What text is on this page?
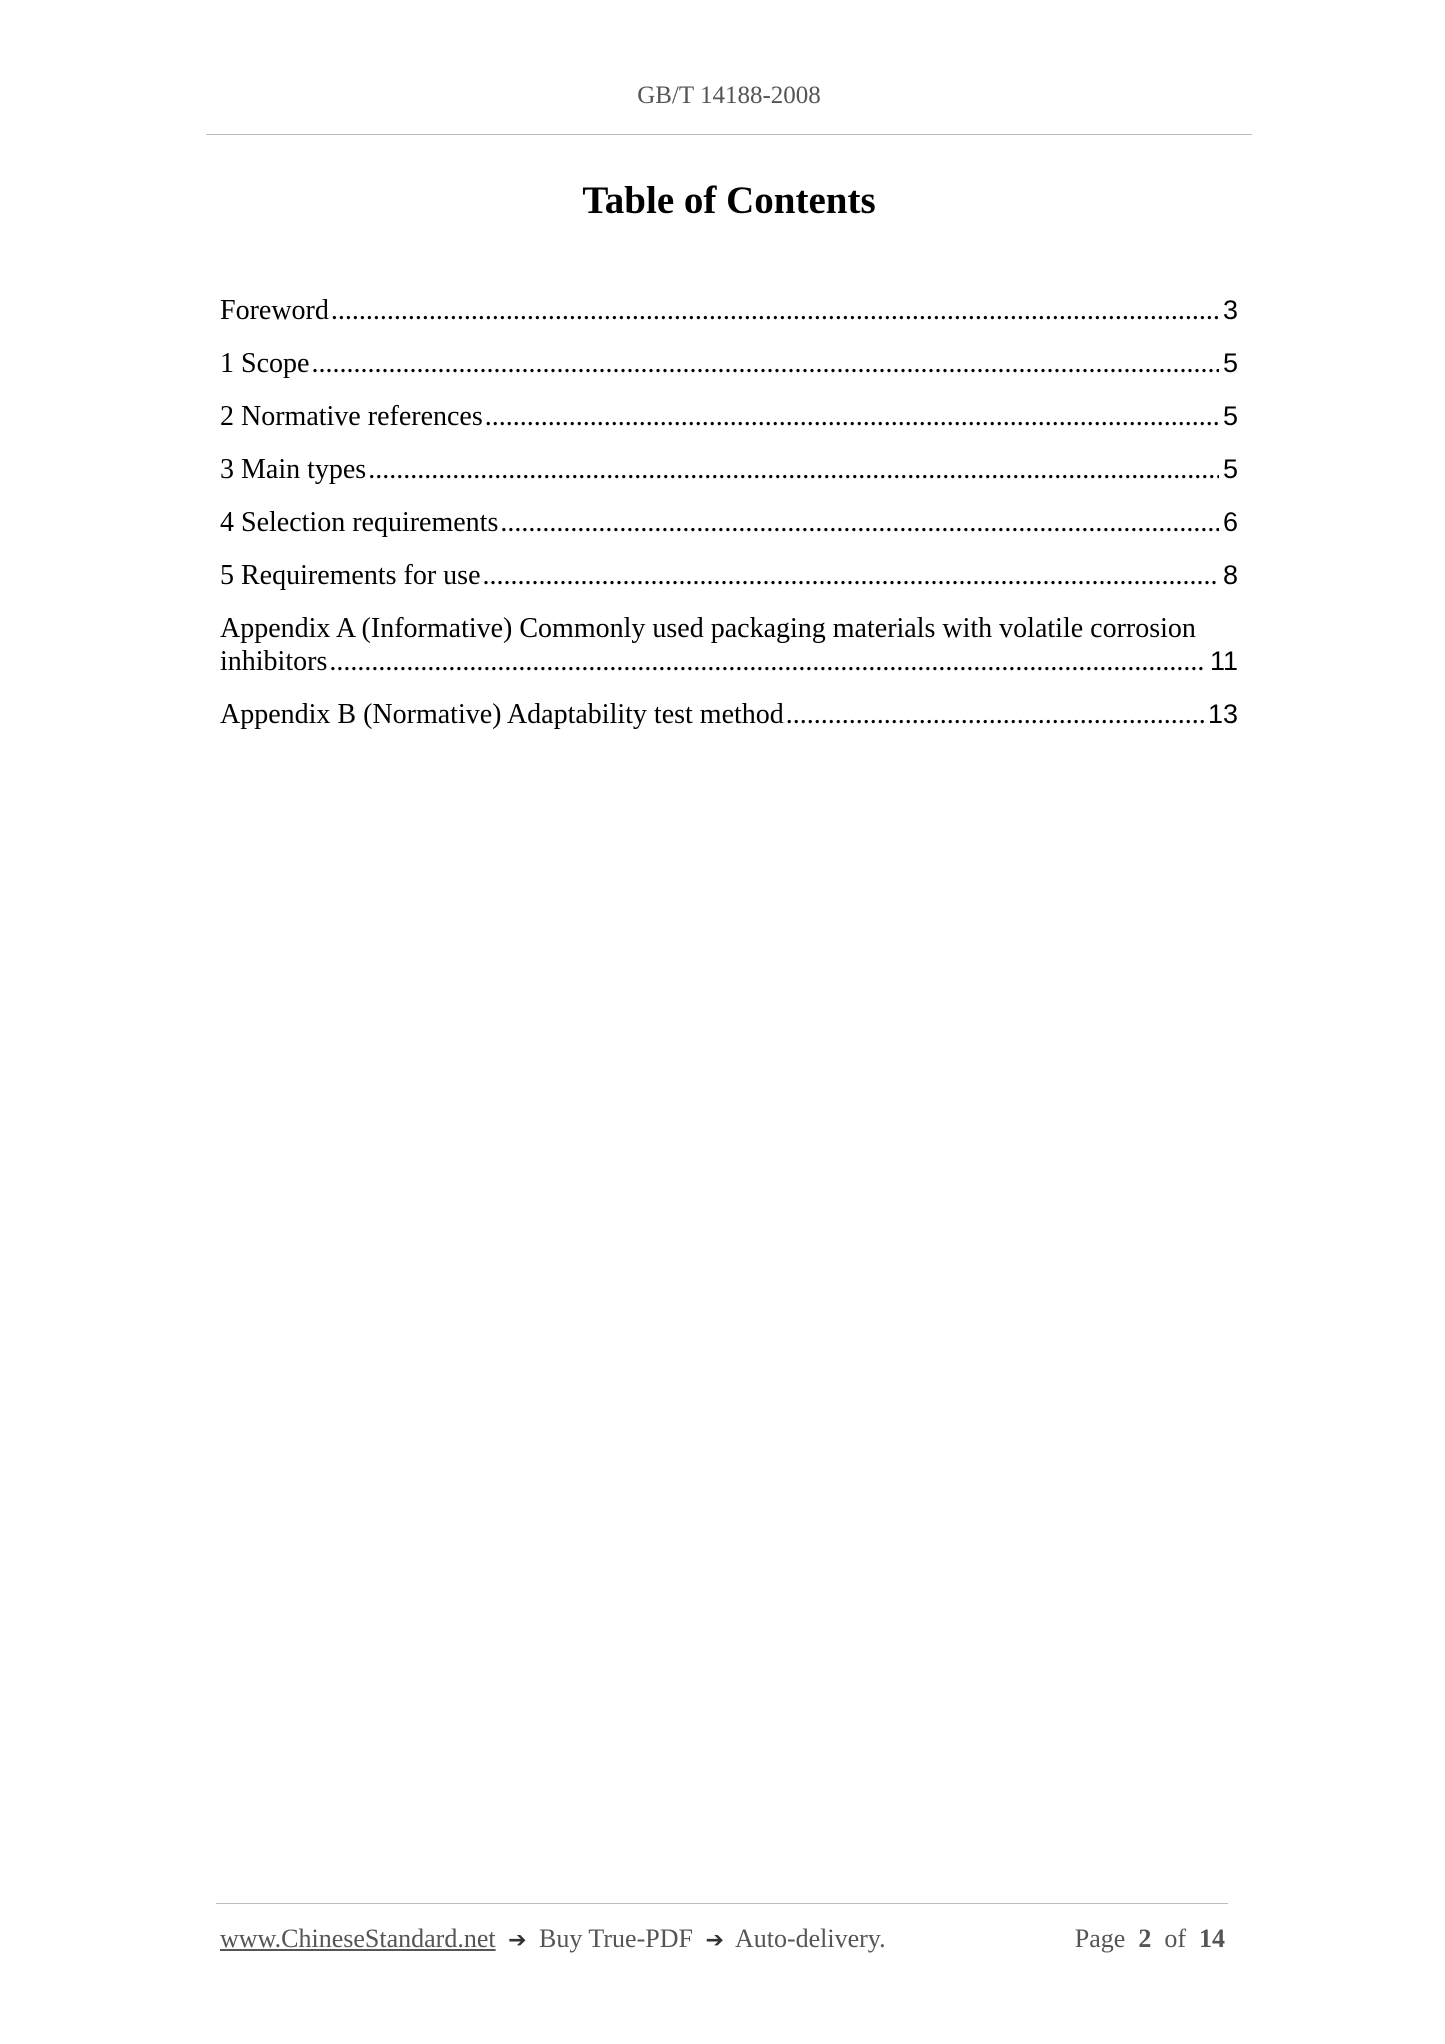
GB/T 14188-2008
Table of Contents
Foreword .....	3
1 Scope .....	5
2 Normative references .....	5
3 Main types .....	5
4 Selection requirements .....	6
5 Requirements for use .....	8
Appendix A (Informative) Commonly used packaging materials with volatile corrosion
inhibitors .....	11
Appendix B (Normative) Adaptability test method .....	13
www.ChineseStandard.net ➔ Buy True-PDF ➔ Auto-delivery.	Page 2 of 14
